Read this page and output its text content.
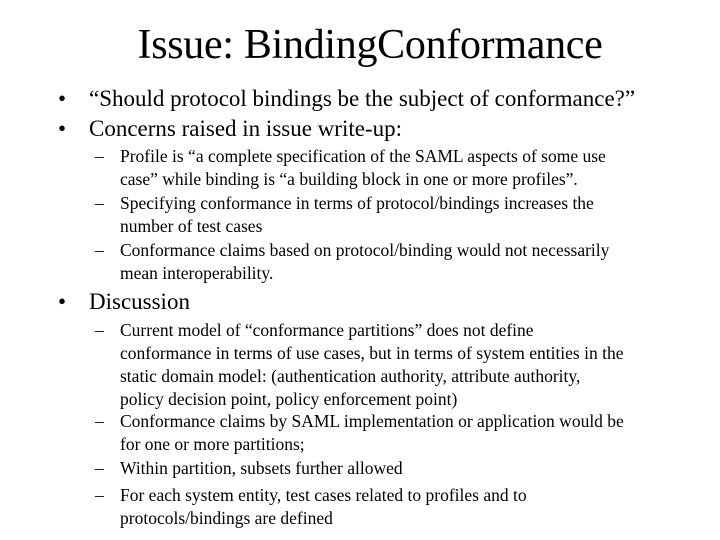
Issue: BindingConformance
• “Should protocol bindings be the subject of conformance?”
• Concerns raised in issue write-up:
– Profile is “a complete specification of the SAML aspects of some use
case” while binding is “a building block in one or more profiles”.
– Specifying conformance in terms of protocol/bindings increases the
number of test cases
– Conformance claims based on protocol/binding would not necessarily
mean interoperability.
• Discussion
– Current model of “conformance partitions” does not define
conformance in terms of use cases, but in terms of system entities in the
static domain model: (authentication authority, attribute authority,
policy decision point, policy enforcement point)
– Conformance claims by SAML implementation or application would be
for one or more partitions;
– Within partition, subsets further allowed
– For each system entity, test cases related to profiles and to
protocols/bindings are defined
